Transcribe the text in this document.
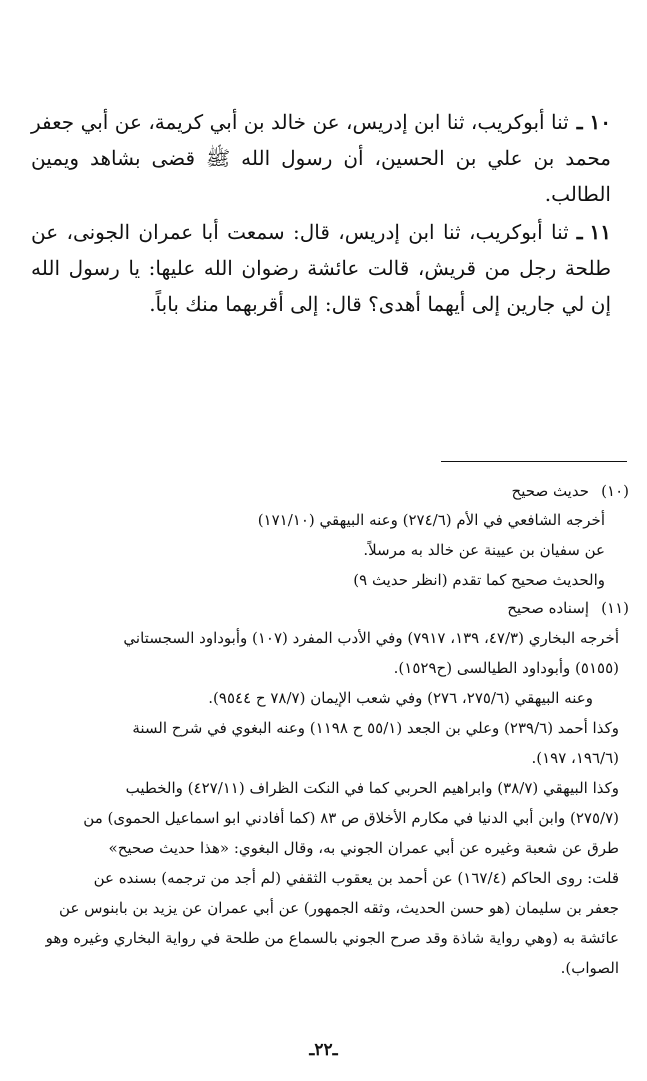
١٠ ـثنا أبوكريب، ثنا ابن إدريس، عن خالد بن أبي كريمة، عن أبي جعفر محمد بن علي بن الحسين، أن رسول الله ﷺ قضى بشاهد ويمين الطالب.

١١ ـثنا أبوكريب، ثنا ابن إدريس، قال: سمعت أبا عمران الجونى، عن طلحة رجل من قريش، قالت عائشة رضوان الله عليها: يا رسول الله إن لي جارين إلى أيهما أهدى؟ قال: إلى أقربهما منك باباً.

(١٠)حديث صحيح
أخرجه الشافعي في الأم (٢٧٤/٦) وعنه البيهقي (١٧١/١٠)
عن سفيان بن عيينة عن خالد به مرسلاً.
والحديث صحيح كما تقدم (انظر حديث ٩)
(١١)إسناده صحيح
أخرجه البخاري (٤٧/٣، ١٣٩، ٧٩١٧) وفي الأدب المفرد (١٠٧) وأبوداود السجستاني
(٥١٥٥) وأبوداود الطيالسى (ح١٥٢٩).
وعنه البيهقي (٢٧٥/٦، ٢٧٦) وفي شعب الإيمان (٧٨/٧ ح ٩٥٤٤).
وكذا أحمد (٢٣٩/٦) وعلي بن الجعد (٥٥/١ ح ١١٩٨) وعنه البغوي في شرح السنة
(١٩٦/٦، ١٩٧).
وكذا البيهقي (٣٨/٧) وابراهيم الحربي كما في النكت الظراف (٤٢٧/١١) والخطيب
(٢٧٥/٧) وابن أبي الدنيا في مكارم الأخلاق ص ٨٣ (كما أفادني ابو اسماعيل الحموى) من
طرق عن شعبة وغيره عن أبي عمران الجوني به، وقال البغوي: «هذا حديث صحيح»
قلت: روى الحاكم (١٦٧/٤) عن أحمد بن يعقوب الثقفي (لم أجد من ترجمه) بسنده عن
جعفر بن سليمان (هو حسن الحديث، وثقه الجمهور) عن أبي عمران عن يزيد بن بابنوس عن
عائشة به (وهي رواية شاذة وقد صرح الجوني بالسماع من طلحة في رواية البخاري وغيره وهو
الصواب).
ـ٢٢ـ
